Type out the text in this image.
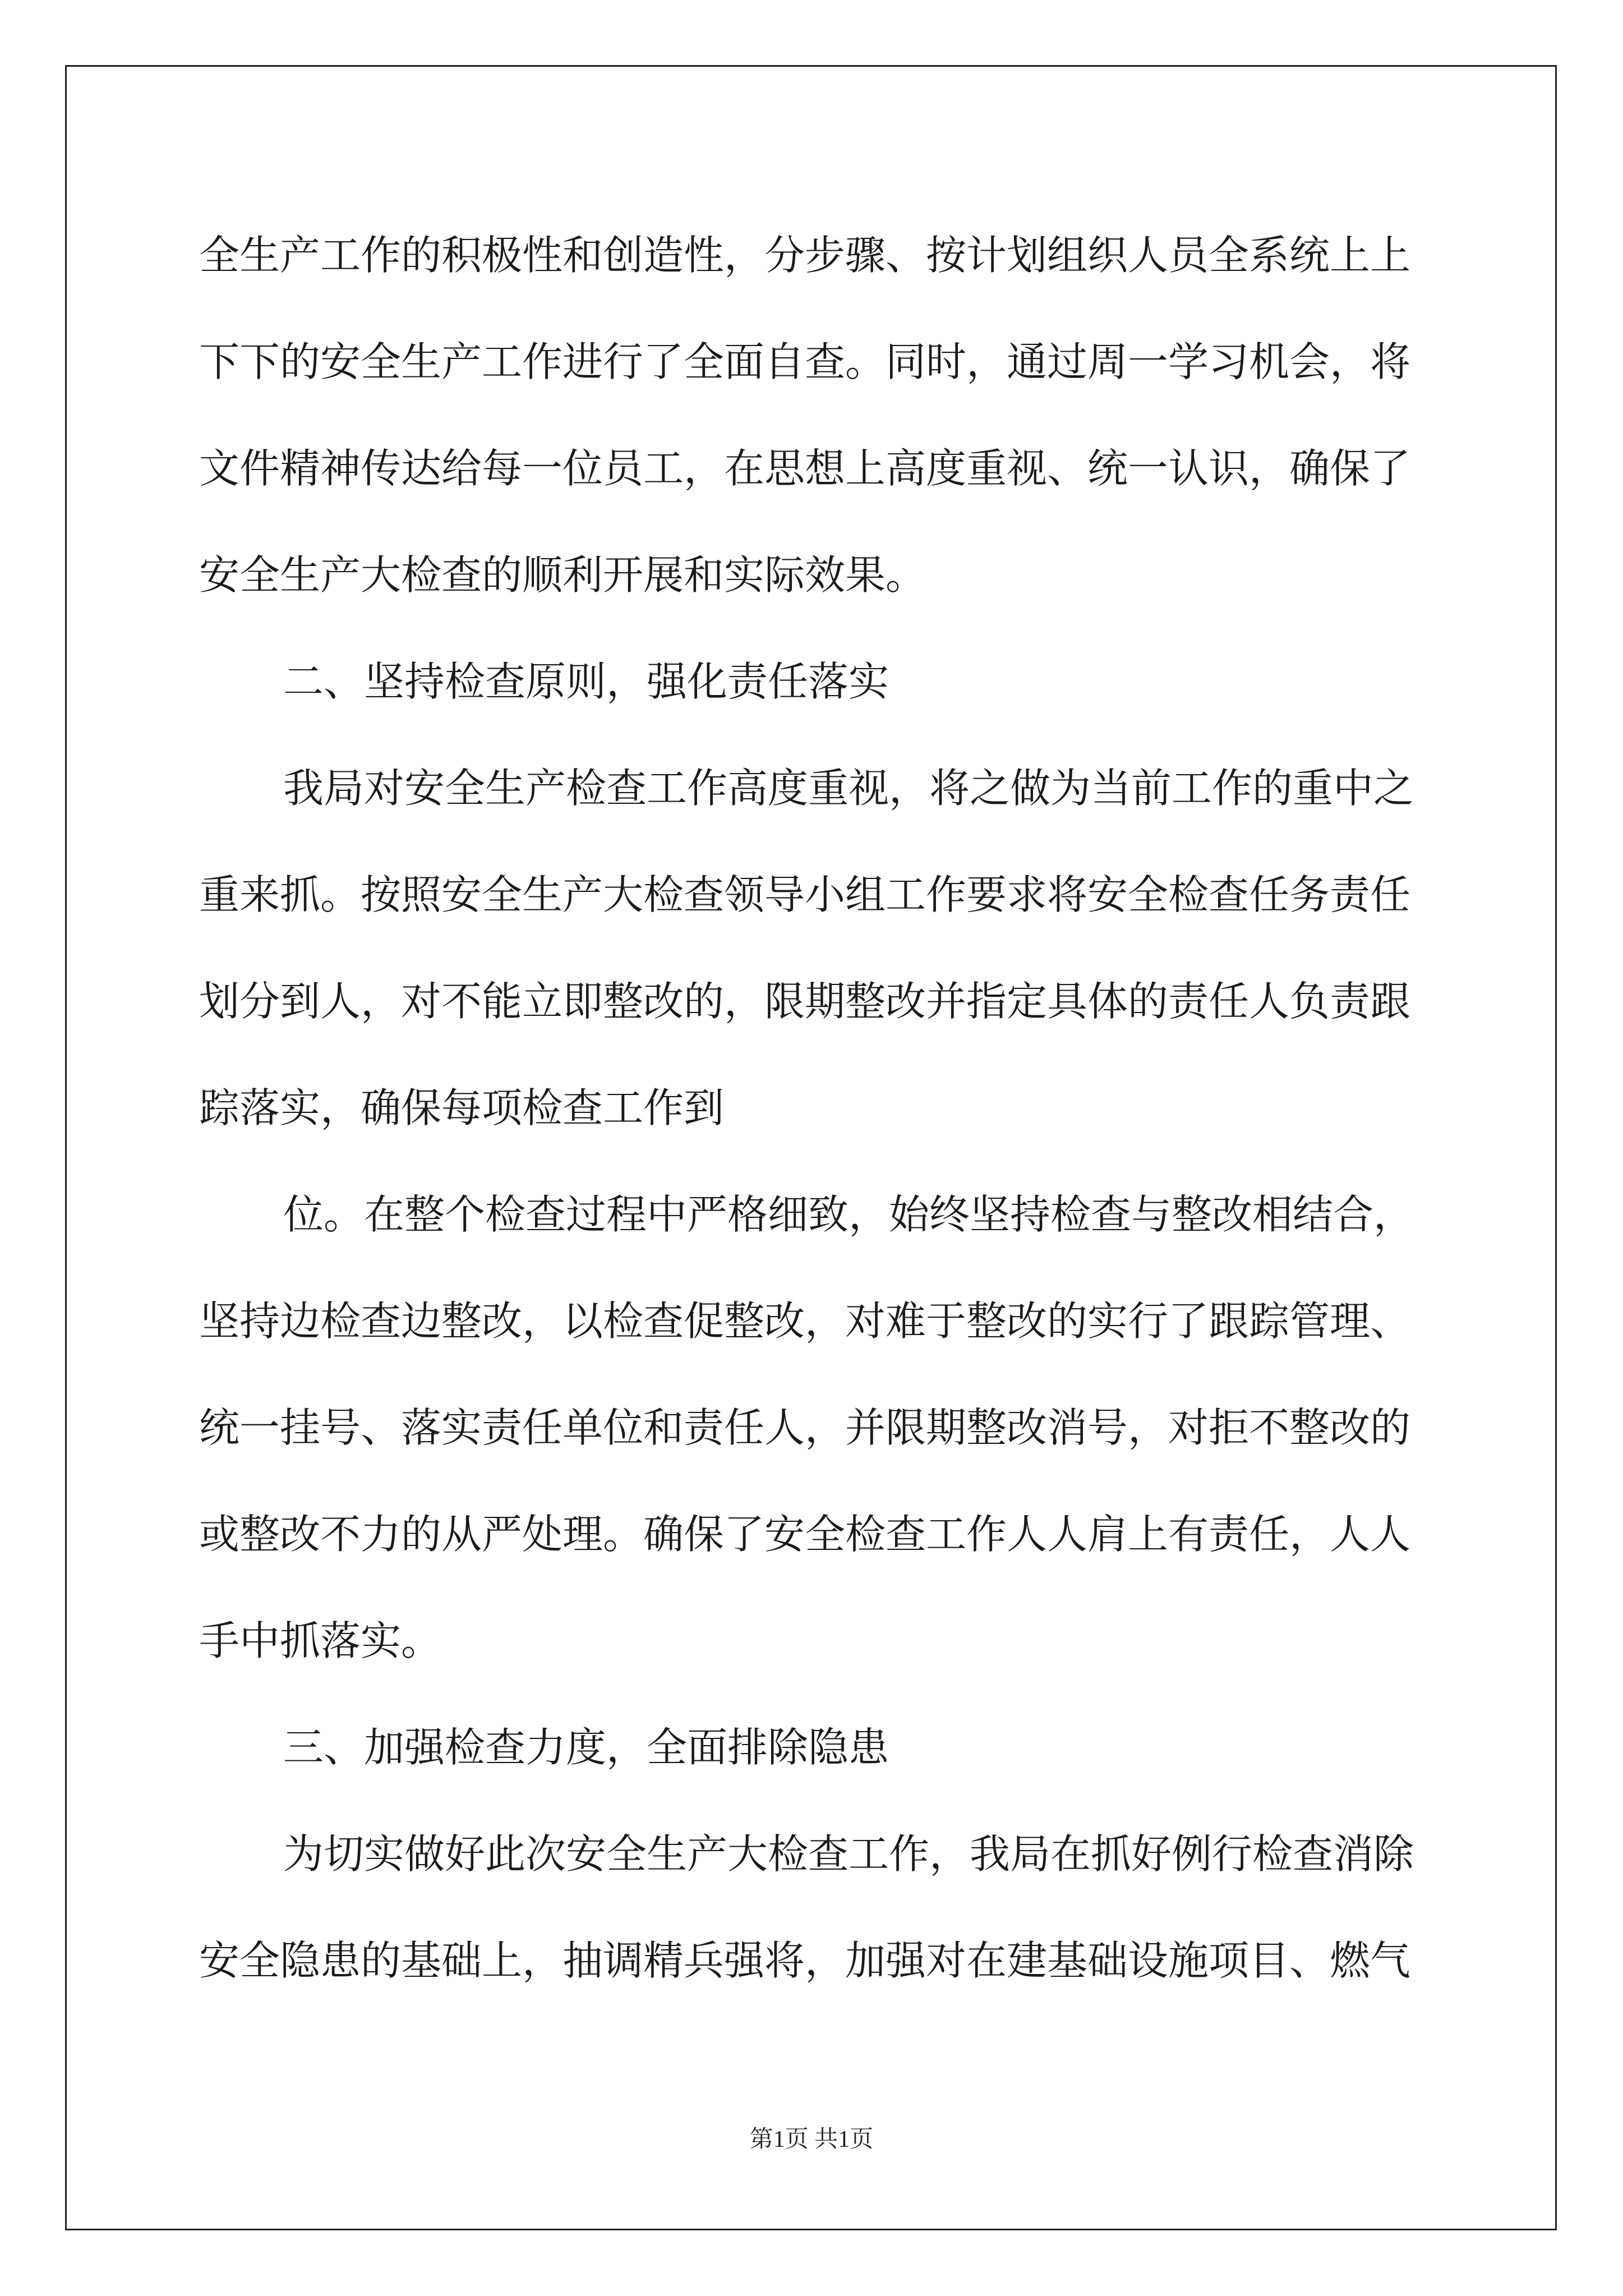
全生产工作的积极性和创造性，分步骤、按计划组织人员全系统上上

下下的安全生产工作进行了全面自查。同时，通过周一学习机会，将

文件精神传达给每一位员工，在思想上高度重视、统一认识，确保了

安全生产大检查的顺利开展和实际效果。

二、坚持检查原则，强化责任落实

我局对安全生产检查工作高度重视，将之做为当前工作的重中之

重来抓。按照安全生产大检查领导小组工作要求将安全检查任务责任

划分到人，对不能立即整改的，限期整改并指定具体的责任人负责跟

踪落实，确保每项检查工作到

位。在整个检查过程中严格细致，始终坚持检查与整改相结合，

坚持边检查边整改，以检查促整改，对难于整改的实行了跟踪管理、

统一挂号、落实责任单位和责任人，并限期整改消号，对拒不整改的

或整改不力的从严处理。确保了安全检查工作人人肩上有责任，人人

手中抓落实。

三、加强检查力度，全面排除隐患

为切实做好此次安全生产大检查工作，我局在抓好例行检查消除

安全隐患的基础上，抽调精兵强将，加强对在建基础设施项目、燃气

第1页 共1页
